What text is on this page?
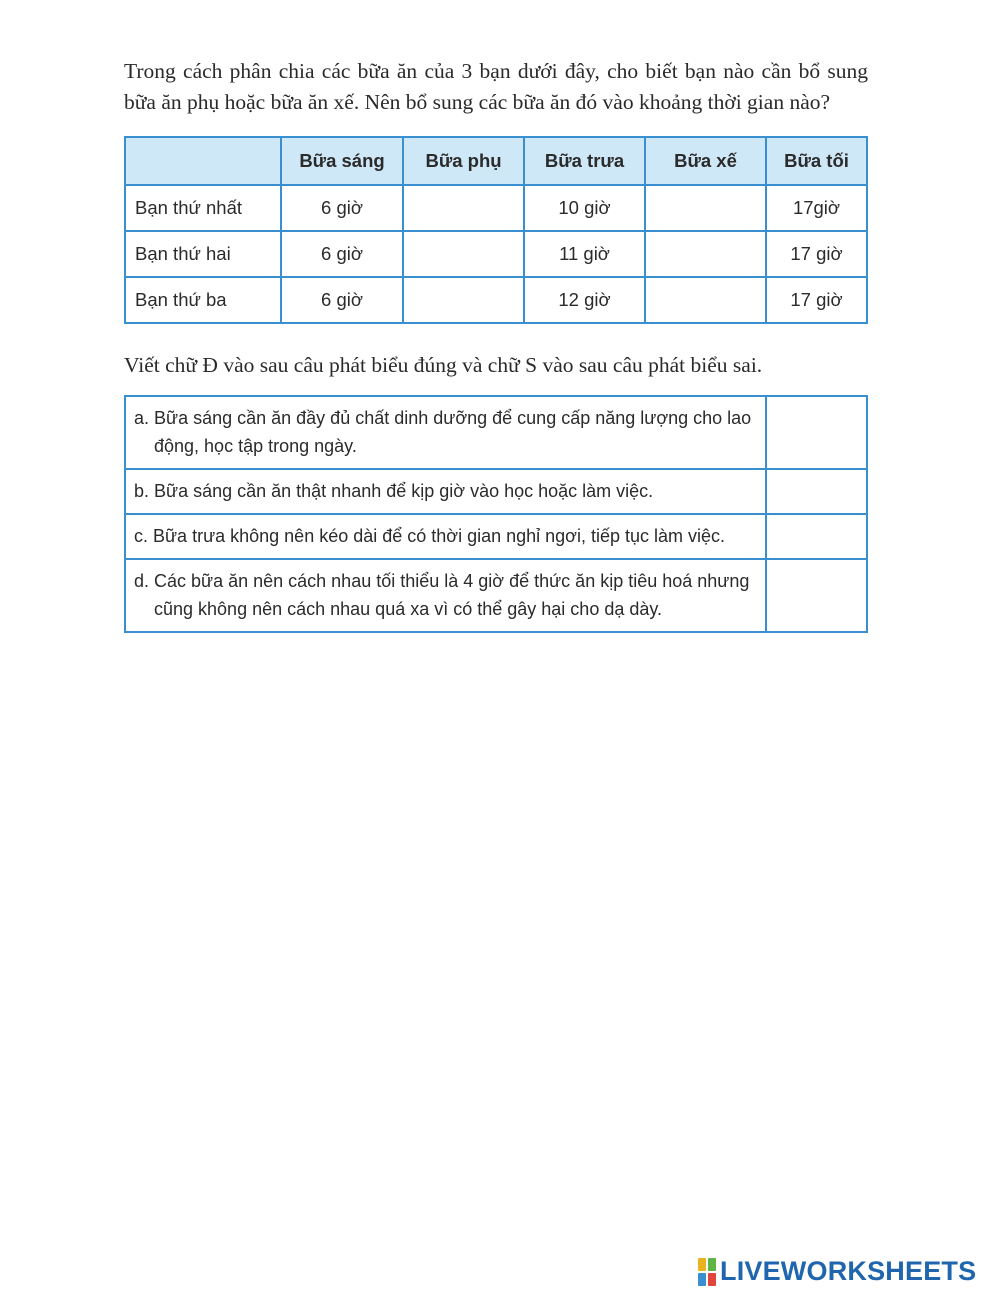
Trong cách phân chia các bữa ăn của 3 bạn dưới đây, cho biết bạn nào cần bổ sung bữa ăn phụ hoặc bữa ăn xế. Nên bổ sung các bữa ăn đó vào khoảng thời gian nào?

	Bữa sáng	Bữa phụ	Bữa trưa	Bữa xế	Bữa tối
Bạn thứ nhất	6 giờ		10 giờ		17giờ
Bạn thứ hai	6 giờ		11 giờ		17 giờ
Bạn thứ ba	6 giờ		12 giờ		17 giờ

Viết chữ Đ vào sau câu phát biểu đúng và chữ S vào sau câu phát biểu sai.

a. Bữa sáng cần ăn đầy đủ chất dinh dưỡng để cung cấp năng lượng cho lao động, học tập trong ngày.	

b. Bữa sáng cần ăn thật nhanh để kịp giờ vào học hoặc làm việc.	

c. Bữa trưa không nên kéo dài để có thời gian nghỉ ngơi, tiếp tục làm việc.	

d. Các bữa ăn nên cách nhau tối thiểu là 4 giờ để thức ăn kịp tiêu hoá nhưng cũng không nên cách nhau quá xa vì có thể gây hại cho dạ dày.	

LIVEWORKSHEETS
